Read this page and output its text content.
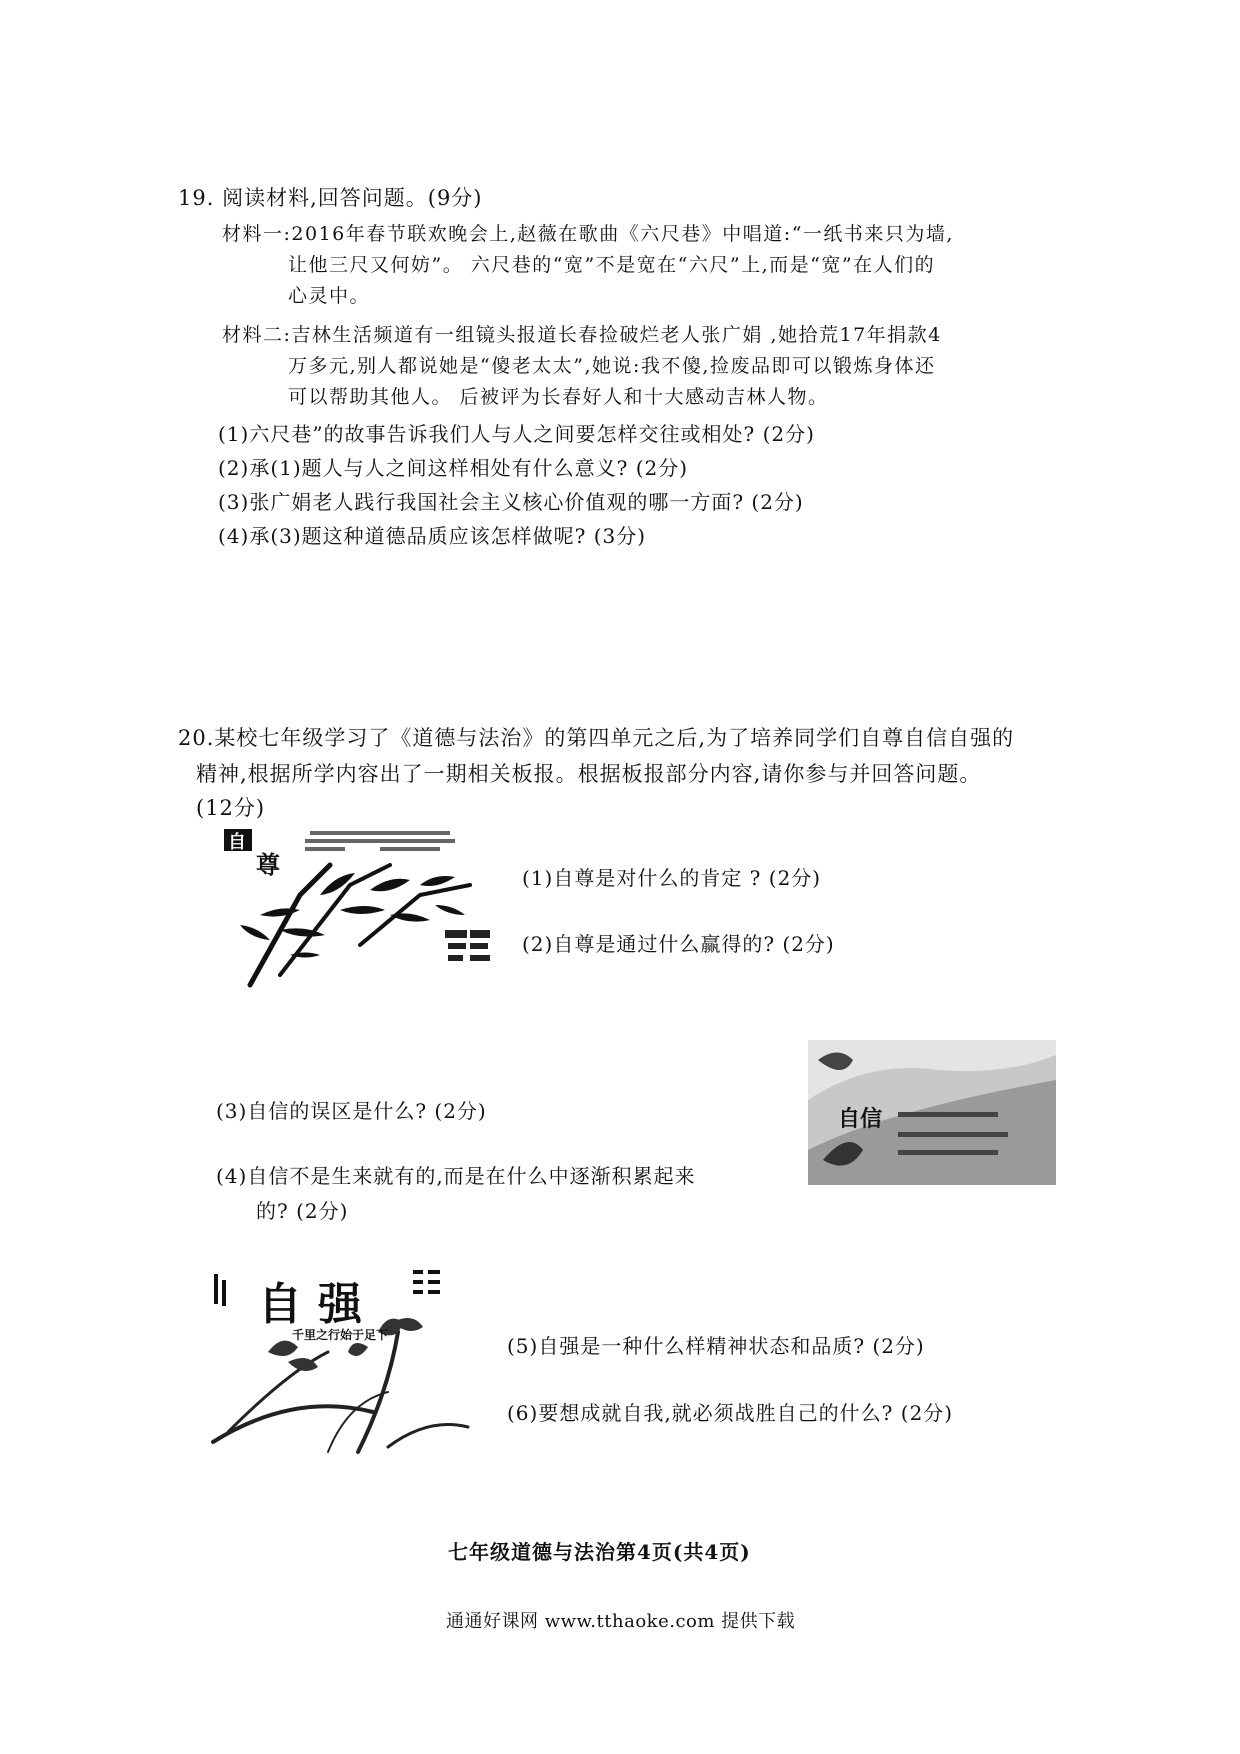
19. 阅读材料,回答问题。(9分)
材料一:2016年春节联欢晚会上,赵薇在歌曲《六尺巷》中唱道:“一纸书来只为墙,
让他三尺又何妨”。 六尺巷的“宽”不是宽在“六尺”上,而是“宽”在人们的
心灵中。
材料二:吉林生活频道有一组镜头报道长春捡破烂老人张广娟 ,她拾荒17年捐款4
万多元,别人都说她是“傻老太太”,她说:我不傻,捡废品即可以锻炼身体还
可以帮助其他人。 后被评为长春好人和十大感动吉林人物。
(1)六尺巷”的故事告诉我们人与人之间要怎样交往或相处? (2分)
(2)承(1)题人与人之间这样相处有什么意义? (2分)
(3)张广娟老人践行我国社会主义核心价值观的哪一方面? (2分)
(4)承(3)题这种道德品质应该怎样做呢? (3分)
20.某校七年级学习了《道德与法治》的第四单元之后,为了培养同学们自尊自信自强的
精神,根据所学内容出了一期相关板报。根据板报部分内容,请你参与并回答问题。
(12分)
自
尊	(1)自尊是对什么的肯定 ? (2分)
(2)自尊是通过什么赢得的? (2分)
自信
(3)自信的误区是什么? (2分)
(4)自信不是生来就有的,而是在什么中逐渐积累起来
的? (2分)
自强
千里之行始于足下	(5)自强是一种什么样精神状态和品质? (2分)
(6)要想成就自我,就必须战胜自己的什么? (2分)
七年级道德与法治第4页(共4页)
通通好课网 www.tthaoke.com 提供下载
